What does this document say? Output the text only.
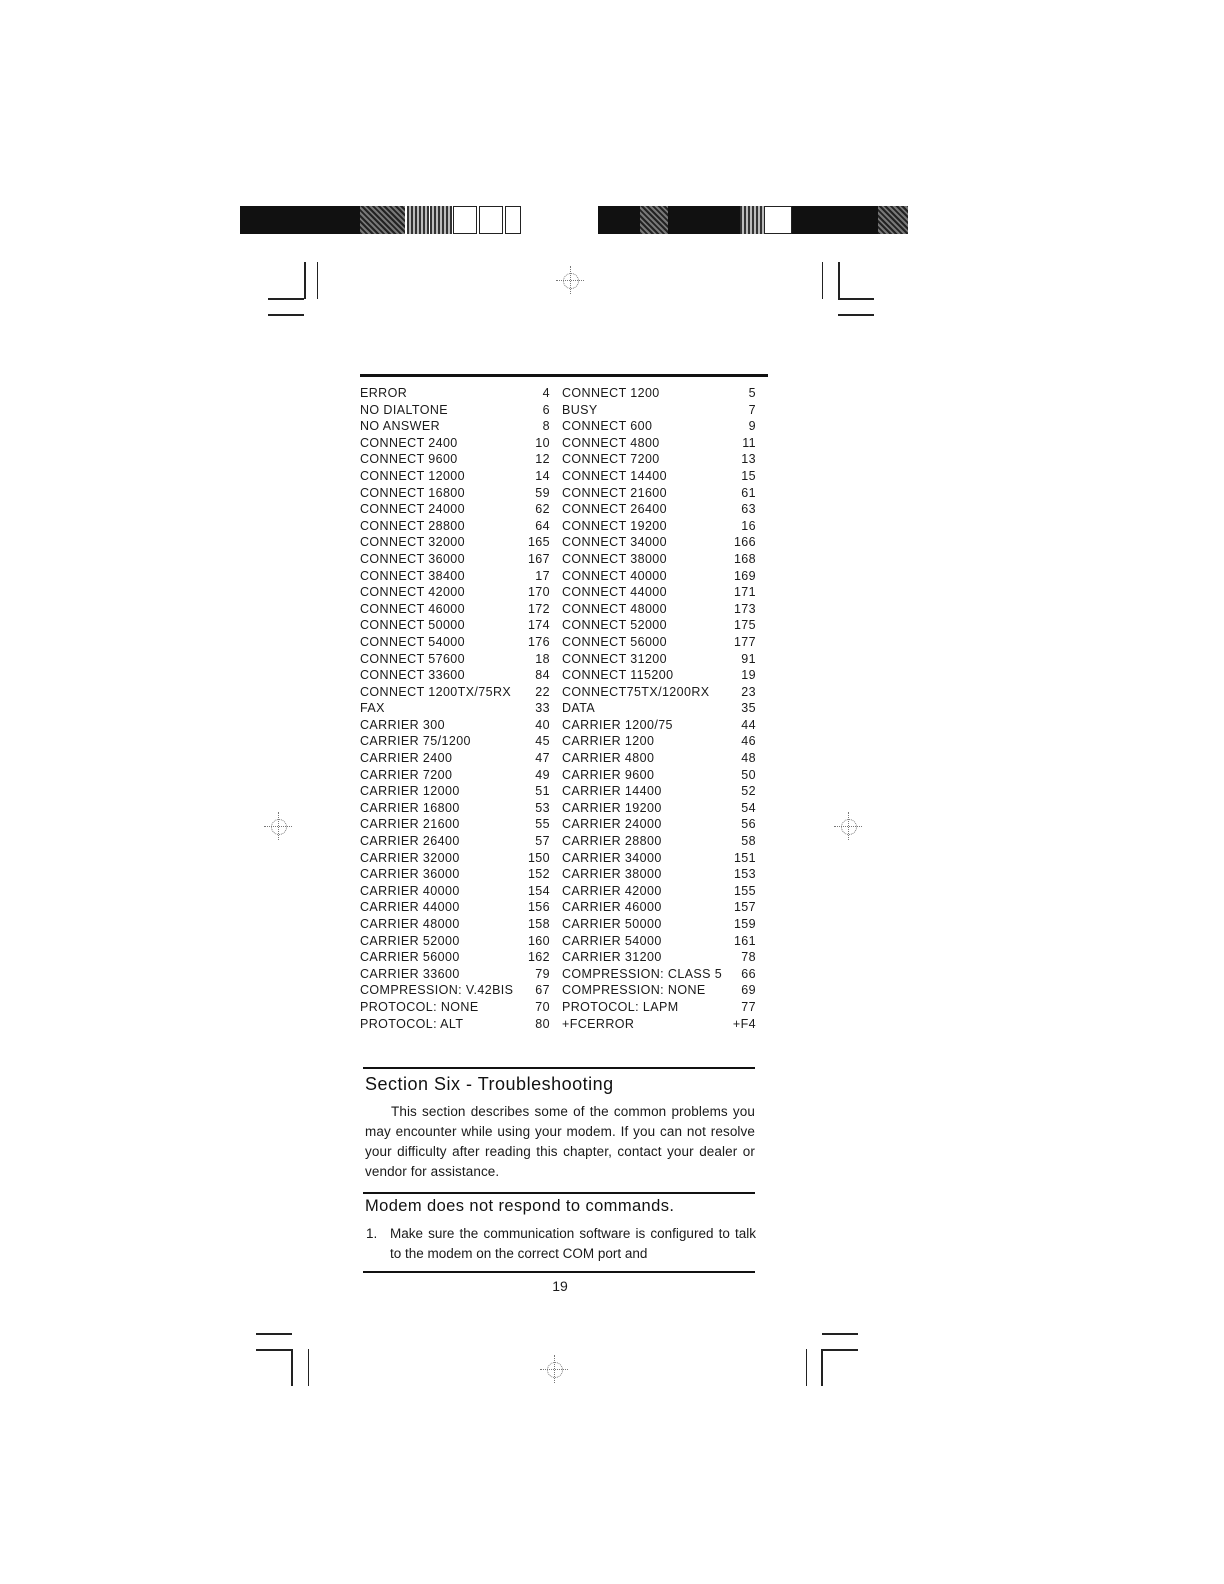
ERROR	4 CONNECT 1200	5
NO DIALTONE	6 BUSY	7
NO ANSWER	8 CONNECT 600	9
CONNECT 2400	10 CONNECT 4800	11
CONNECT 9600	12 CONNECT 7200	13
CONNECT 12000	14 CONNECT 14400	15
CONNECT 16800	59 CONNECT 21600	61
CONNECT 24000	62 CONNECT 26400	63
CONNECT 28800	64 CONNECT 19200	16
CONNECT 32000	165 CONNECT 34000	166
CONNECT 36000	167 CONNECT 38000	168
CONNECT 38400	17 CONNECT 40000	169
CONNECT 42000	170 CONNECT 44000	171
CONNECT 46000	172 CONNECT 48000	173
CONNECT 50000	174 CONNECT 52000	175
CONNECT 54000	176 CONNECT 56000	177
CONNECT 57600	18 CONNECT 31200	91
CONNECT 33600	84 CONNECT 115200	19
CONNECT 1200TX/75RX	22 CONNECT75TX/1200RX	23
FAX	33 DATA	35
CARRIER 300	40 CARRIER 1200/75	44
CARRIER 75/1200	45 CARRIER 1200	46
CARRIER 2400	47 CARRIER 4800	48
CARRIER 7200	49 CARRIER 9600	50
CARRIER 12000	51 CARRIER 14400	52
CARRIER 16800	53 CARRIER 19200	54
CARRIER 21600	55 CARRIER 24000	56
CARRIER 26400	57 CARRIER 28800	58
CARRIER 32000	150 CARRIER 34000	151
CARRIER 36000	152 CARRIER 38000	153
CARRIER 40000	154 CARRIER 42000	155
CARRIER 44000	156 CARRIER 46000	157
CARRIER 48000	158 CARRIER 50000	159
CARRIER 52000	160 CARRIER 54000	161
CARRIER 56000	162 CARRIER 31200	78
CARRIER 33600	79 COMPRESSION: CLASS 5	66
COMPRESSION: V.42BIS	67 COMPRESSION: NONE	69
PROTOCOL: NONE	70 PROTOCOL: LAPM	77
PROTOCOL: ALT	80 +FCERROR	+F4
Section Six - Troubleshooting
This section describes some of the common problems you may encounter while using your modem. If you can not resolve your difficulty after reading this chapter, contact your dealer or vendor for assistance.
Modem does not respond to commands.
1. Make sure the communication software is configured to talk to the modem on the correct COM port and
19
